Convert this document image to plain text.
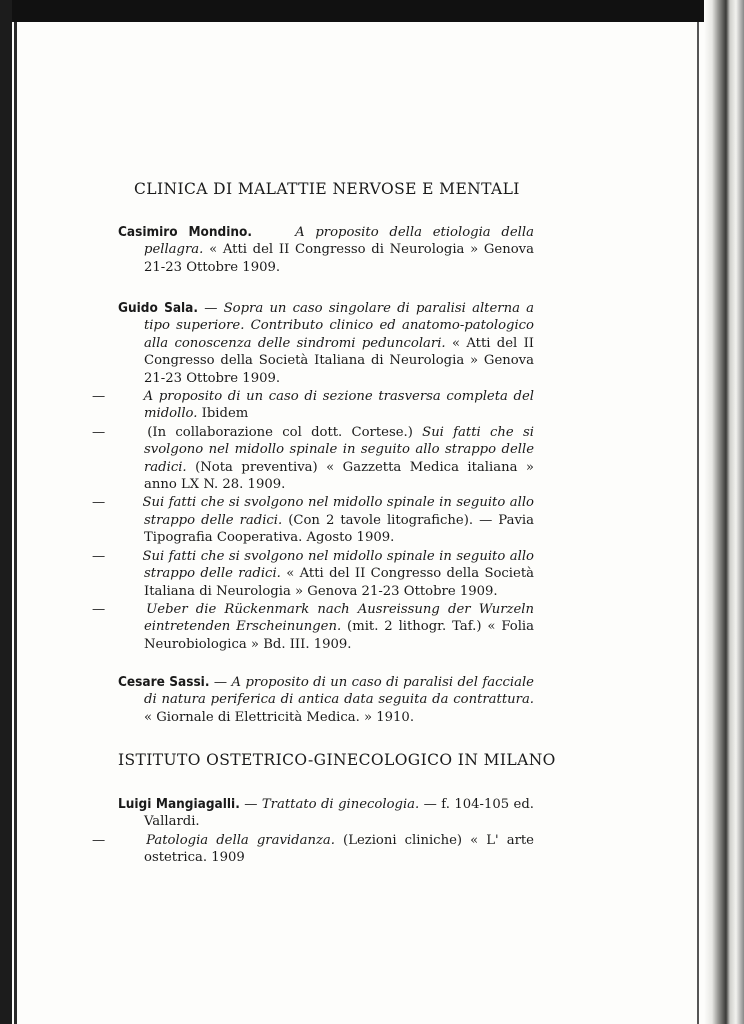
CLINICA DI MALATTIE NERVOSE E MENTALI

Casimiro Mondino.	A proposito della etiologia della pellagra. « Atti del II Congresso di Neurologia » Genova 21-23 Ottobre 1909.

Guido Sala. — Sopra un caso singolare di paralisi alterna a tipo superiore. Contributo clinico ed anatomo-patologico alla conoscenza delle sindromi peduncolari. « Atti del II Congresso della Società Italiana di Neurologia » Genova 21-23 Ottobre 1909.

—	A proposito di un caso di sezione trasversa completa del midollo. Ibidem

—	(In collaborazione col dott. Cortese.) Sui fatti che si svolgono nel midollo spinale in seguito allo strappo delle radici. (Nota preventiva) « Gazzetta Medica italiana » anno LX N. 28. 1909.

—	Sui fatti che si svolgono nel midollo spinale in seguito allo strappo delle radici. (Con 2 tavole litografiche). — Pavia Tipografia Cooperativa. Agosto 1909.

—	Sui fatti che si svolgono nel midollo spinale in seguito allo strappo delle radici. « Atti del II Congresso della Società Italiana di Neurologia » Genova 21-23 Ottobre 1909.

—	Ueber die Rückenmark nach Ausreissung der Wurzeln eintretenden Erscheinungen. (mit. 2 lithogr. Taf.) « Folia Neurobiologica » Bd. III. 1909.

Cesare Sassi. — A proposito di un caso di paralisi del facciale di natura periferica di antica data seguita da contrattura. « Giornale di Elettricità Medica. » 1910.

ISTITUTO OSTETRICO-GINECOLOGICO IN MILANO

Luigi Mangiagalli. — Trattato di ginecologia. — f. 104-105 ed. Vallardi.

—	Patologia della gravidanza. (Lezioni cliniche) « L' arte ostetrica. 1909
